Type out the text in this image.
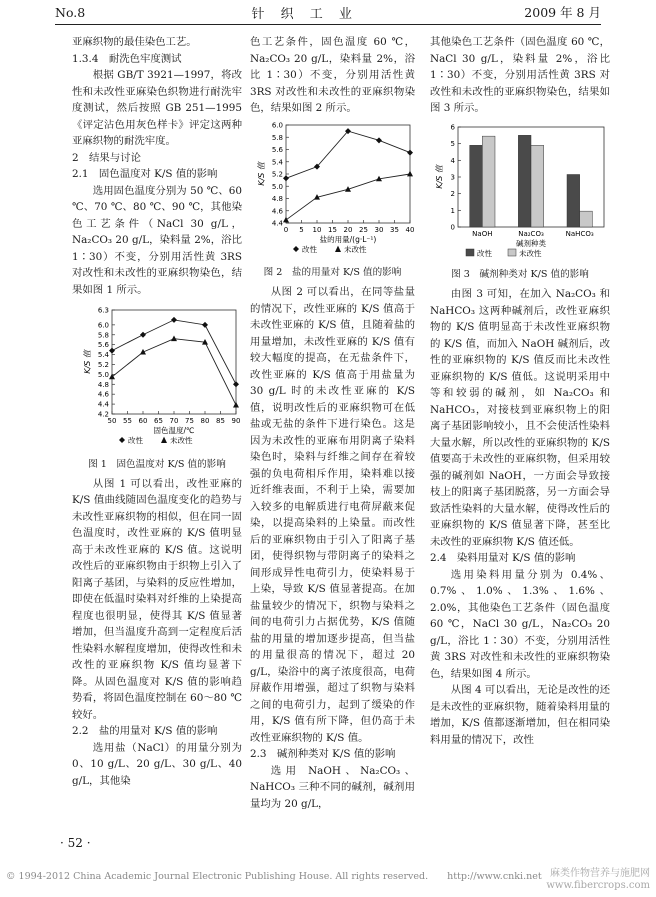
No.8	针 织 工 业	2009 年 8 月

亚麻织物的最佳染色工艺。

1.3.4　耐洗色牢度测试

根据 GB/T 3921—1997，将改性和未改性亚麻染色织物进行耐洗牢度测试，然后按照 GB 251—1995《评定沾色用灰色样卡》评定这两种亚麻织物的耐洗牢度。

2　结果与讨论

2.1　固色温度对 K/S 值的影响

选用固色温度分别为 50 ℃、60 ℃、70 ℃、80 ℃、90 ℃，其他染色工艺条件（NaCl 30 g/L，Na₂CO₃ 20 g/L，染料量 2%，浴比 1∶30）不变，分别用活性黄 3RS 对改性和未改性的亚麻织物染色，结果如图 1 所示。

4.2
4.4
4.6
4.8
5.0
5.2
5.4
5.6
5.8
6.0
6.3
50 55 60 65 70 75 80 85 90
固色温度/℃
K/S 值
改性	未改性
图 1　固色温度对 K/S 值的影响

从图 1 可以看出，改性亚麻的 K/S 值曲线随固色温度变化的趋势与未改性亚麻织物的相似，但在同一固色温度时，改性亚麻的 K/S 值明显高于未改性亚麻的 K/S 值。这说明改性后的亚麻织物由于织物上引入了阳离子基团，与染料的反应性增加，即使在低温时染料对纤维的上染提高程度也很明显，使得其 K/S 值显著增加，但当温度升高到一定程度后活性染料水解程度增加，使得改性和未改性的亚麻织物 K/S 值均显著下降。从固色温度对 K/S 值的影响趋势看，将固色温度控制在 60～80 ℃较好。

2.2　盐的用量对 K/S 值的影响

选用盐（NaCl）的用量分别为 0、10 g/L、20 g/L、30 g/L、40 g/L，其他染

色工艺条件，固色温度 60 ℃，Na₂CO₃ 20 g/L，染料量 2%，浴比 1∶30）不变，分别用活性黄 3RS 对改性和未改性的亚麻织物染色，结果如图 2 所示。

4.4
4.6
4.8
5.0
5.2
5.4
5.6
5.8
6.0
0 5 10 15 20 25 30 35 40
盐的用量/(g·L⁻¹)
K/S 值
改性	未改性
图 2　盐的用量对 K/S 值的影响

从图 2 可以看出，在同等盐量的情况下，改性亚麻的 K/S 值高于未改性亚麻的 K/S 值，且随着盐的用量增加，未改性亚麻的 K/S 值有较大幅度的提高，在无盐条件下，改性亚麻的 K/S 值高于用盐量为 30 g/L 时的未改性亚麻的 K/S 值，说明改性后的亚麻织物可在低盐或无盐的条件下进行染色。这是因为未改性的亚麻布用阴离子染料染色时，染料与纤维之间存在着较强的负电荷相斥作用，染料难以接近纤维表面，不利于上染，需要加入较多的电解质进行电荷屏蔽来促染，以提高染料的上染量。而改性后的亚麻织物由于引入了阳离子基团，使得织物与带阴离子的染料之间形成异性电荷引力，使染料易于上染，导致 K/S 值显著提高。在加盐量较少的情况下，织物与染料之间的电荷引力占据优势，K/S 值随盐的用量的增加逐步提高，但当盐的用量很高的情况下，超过 20 g/L，染浴中的离子浓度很高，电荷屏蔽作用增强，超过了织物与染料之间的电荷引力，起到了缓染的作用，K/S 值有所下降，但仍高于未改性亚麻织物的 K/S 值。

2.3　碱剂种类对 K/S 值的影响

选用 NaOH、Na₂CO₃、NaHCO₃ 三种不同的碱剂，碱剂用量均为 20 g/L，

其他染色工艺条件（固色温度 60 ℃，NaCl 30 g/L，染料量 2%，浴比 1∶30）不变，分别用活性黄 3RS 对改性和未改性的亚麻织物染色，结果如图 3 所示。

0
1
2
3
4
5
6
NaOH	Na₂CO₃	NaHCO₃
碱剂种类
K/S 值
改性	未改性
图 3　碱剂种类对 K/S 值的影响

由图 3 可知，在加入 Na₂CO₃ 和 NaHCO₃ 这两种碱剂后，改性亚麻织物的 K/S 值明显高于未改性亚麻织物的 K/S 值，而加入 NaOH 碱剂后，改性的亚麻织物的 K/S 值反而比未改性亚麻织物的 K/S 值低。这说明采用中等和较弱的碱剂，如 Na₂CO₃ 和 NaHCO₃，对接枝到亚麻织物上的阳离子基团影响较小，且不会使活性染料大量水解，所以改性的亚麻织物的 K/S 值要高于未改性的亚麻织物，但采用较强的碱剂如 NaOH，一方面会导致接枝上的阳离子基团脱落，另一方面会导致活性染料的大量水解，使得改性后的亚麻织物的 K/S 值显著下降，甚至比未改性的亚麻织物 K/S 值还低。

2.4　染料用量对 K/S 值的影响

选用染料用量分别为 0.4%、0.7%、1.0%、1.3%、1.6%、2.0%，其他染色工艺条件（固色温度 60 ℃，NaCl 30 g/L，Na₂CO₃ 20 g/L，浴比 1∶30）不变，分别用活性黄 3RS 对改性和未改性的亚麻织物染色，结果如图 4 所示。

从图 4 可以看出，无论是改性的还是未改性的亚麻织物，随着染料用量的增加，K/S 值都逐渐增加，但在相同染料用量的情况下，改性

· 52 ·
© 1994-2012 China Academic Journal Electronic Publishing House. All rights reserved.　　http://www.cnki.net 麻类作物营养与施肥网
www.fibercrops.com
